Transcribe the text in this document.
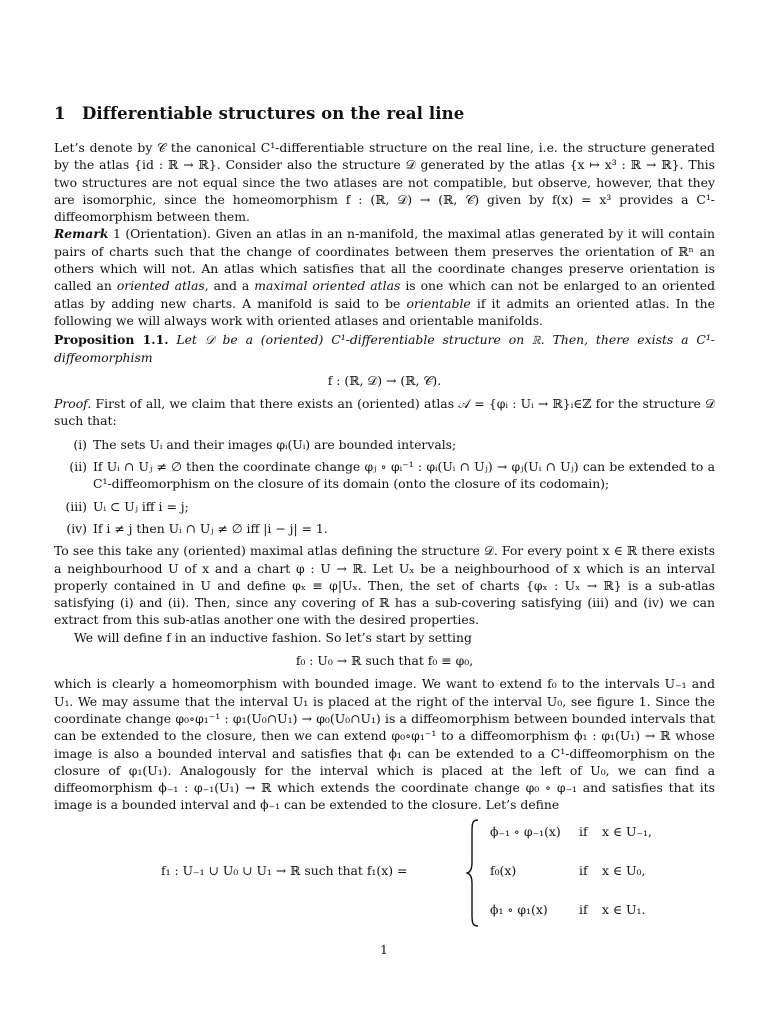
1 Differentiable structures on the real line

Let’s denote by 𝒞 the canonical C¹-differentiable structure on the real line, i.e. the structure generated by the atlas {id : ℝ → ℝ}. Consider also the structure 𝒟 generated by the atlas {x ↦ x³ : ℝ → ℝ}. This two structures are not equal since the two atlases are not compatible, but observe, however, that they are isomorphic, since the homeomorphism f : (ℝ, 𝒟) → (ℝ, 𝒞) given by f(x) = x³ provides a C¹-diffeomorphism between them.

Remark 1 (Orientation). Given an atlas in an n-manifold, the maximal atlas generated by it will contain pairs of charts such that the change of coordinates between them preserves the orientation of ℝⁿ an others which will not. An atlas which satisfies that all the coordinate changes preserve orientation is called an oriented atlas, and a maximal oriented atlas is one which can not be enlarged to an oriented atlas by adding new charts. A manifold is said to be orientable if it admits an oriented atlas. In the following we will always work with oriented atlases and orientable manifolds.

Proposition 1.1. Let 𝒟 be a (oriented) C¹-differentiable structure on ℝ. Then, there exists a C¹-diffeomorphism

f : (ℝ, 𝒟) → (ℝ, 𝒞).

Proof. First of all, we claim that there exists an (oriented) atlas 𝒜 = {φᵢ : Uᵢ → ℝ}ᵢ∈ℤ for the structure 𝒟 such that:

(i) The sets Uᵢ and their images φᵢ(Uᵢ) are bounded intervals;
(ii) If Uᵢ ∩ Uⱼ ≠ ∅ then the coordinate change φⱼ ∘ φᵢ⁻¹ : φᵢ(Uᵢ ∩ Uⱼ) → φⱼ(Uᵢ ∩ Uⱼ) can be extended to a C¹-diffeomorphism on the closure of its domain (onto the closure of its codomain);
(iii) Uᵢ ⊂ Uⱼ iff i = j;
(iv) If i ≠ j then Uᵢ ∩ Uⱼ ≠ ∅ iff |i − j| = 1.

To see this take any (oriented) maximal atlas defining the structure 𝒟. For every point x ∈ ℝ there exists a neighbourhood U of x and a chart φ : U → ℝ. Let Uₓ be a neighbourhood of x which is an interval properly contained in U and define φₓ ≡ φ|Uₓ. Then, the set of charts {φₓ : Uₓ → ℝ} is a sub-atlas satisfying (i) and (ii). Then, since any covering of ℝ has a sub-covering satisfying (iii) and (iv) we can extract from this sub-atlas another one with the desired properties.

We will define f in an inductive fashion. So let’s start by setting

f₀ : U₀ → ℝ such that f₀ ≡ φ₀,

which is clearly a homeomorphism with bounded image. We want to extend f₀ to the intervals U₋₁ and U₁. We may assume that the interval U₁ is placed at the right of the interval U₀, see figure 1. Since the coordinate change φ₀∘φ₁⁻¹ : φ₁(U₀∩U₁) → φ₀(U₀∩U₁) is a diffeomorphism between bounded intervals that can be extended to the closure, then we can extend φ₀∘φ₁⁻¹ to a diffeomorphism ϕ₁ : φ₁(U₁) → ℝ whose image is also a bounded interval and satisfies that ϕ₁ can be extended to a C¹-diffeomorphism on the closure of φ₁(U₁). Analogously for the interval which is placed at the left of U₀, we can find a diffeomorphism ϕ₋₁ : φ₋₁(U₁) → ℝ which extends the coordinate change φ₀ ∘ φ₋₁ and satisfies that its image is a bounded interval and ϕ₋₁ can be extended to the closure. Let’s define

f₁ : U₋₁ ∪ U₀ ∪ U₁ → ℝ such that f₁(x) =
ϕ₋₁ ∘ φ₋₁(x) if x ∈ U₋₁,
f₀(x)	if x ∈ U₀,
ϕ₁ ∘ φ₁(x)	if x ∈ U₁.
1
